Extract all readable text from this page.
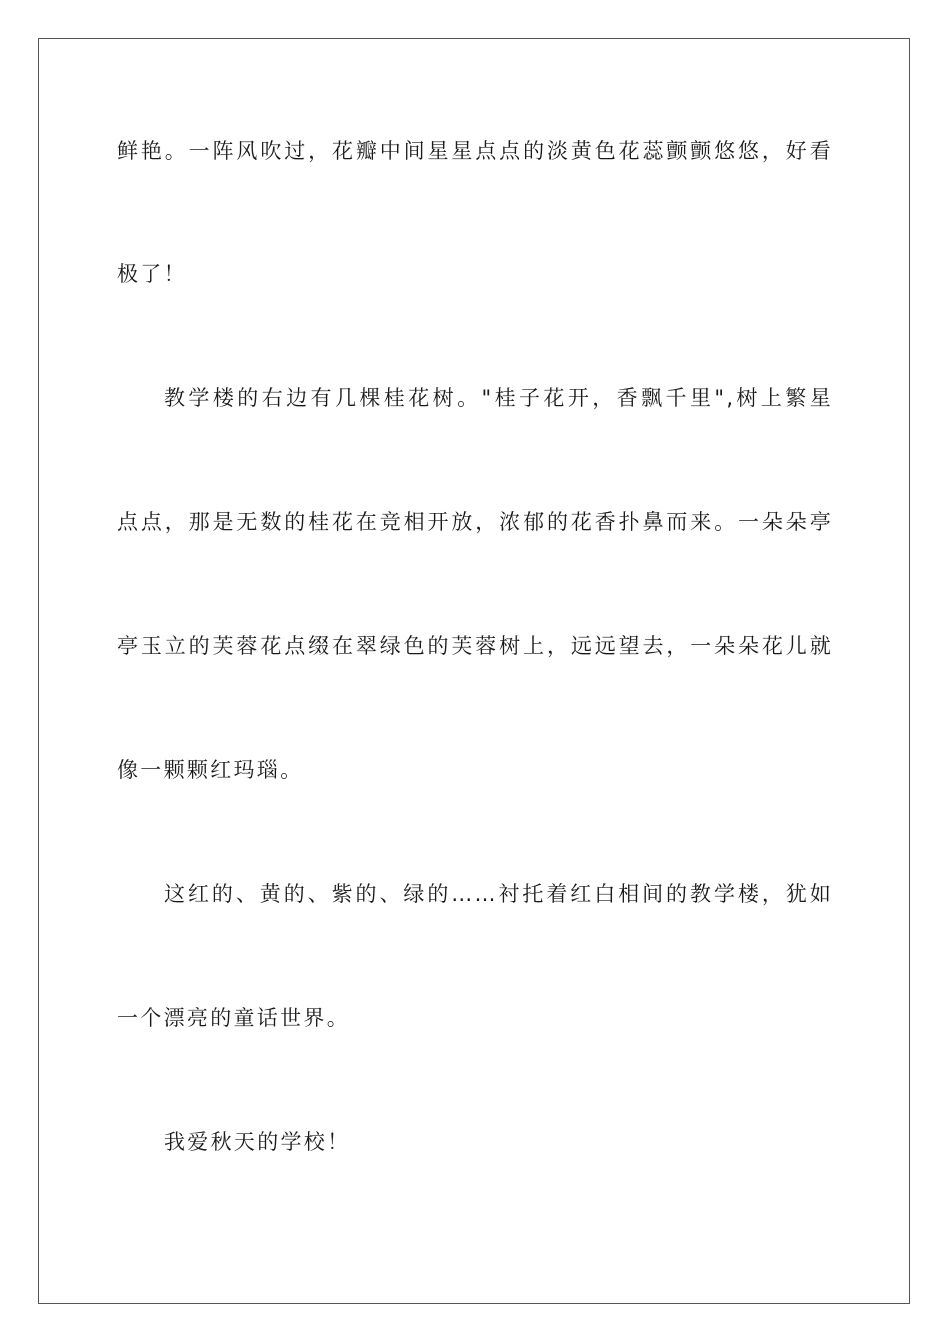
鲜艳。一阵风吹过，花瓣中间星星点点的淡黄色花蕊颤颤悠悠，好看
极了！
教学楼的右边有几棵桂花树。"桂子花开，香飘千里",树上繁星
点点，那是无数的桂花在竞相开放，浓郁的花香扑鼻而来。一朵朵亭
亭玉立的芙蓉花点缀在翠绿色的芙蓉树上，远远望去，一朵朵花儿就
像一颗颗红玛瑙。
这红的、黄的、紫的、绿的……衬托着红白相间的教学楼，犹如
一个漂亮的童话世界。
我爱秋天的学校！
